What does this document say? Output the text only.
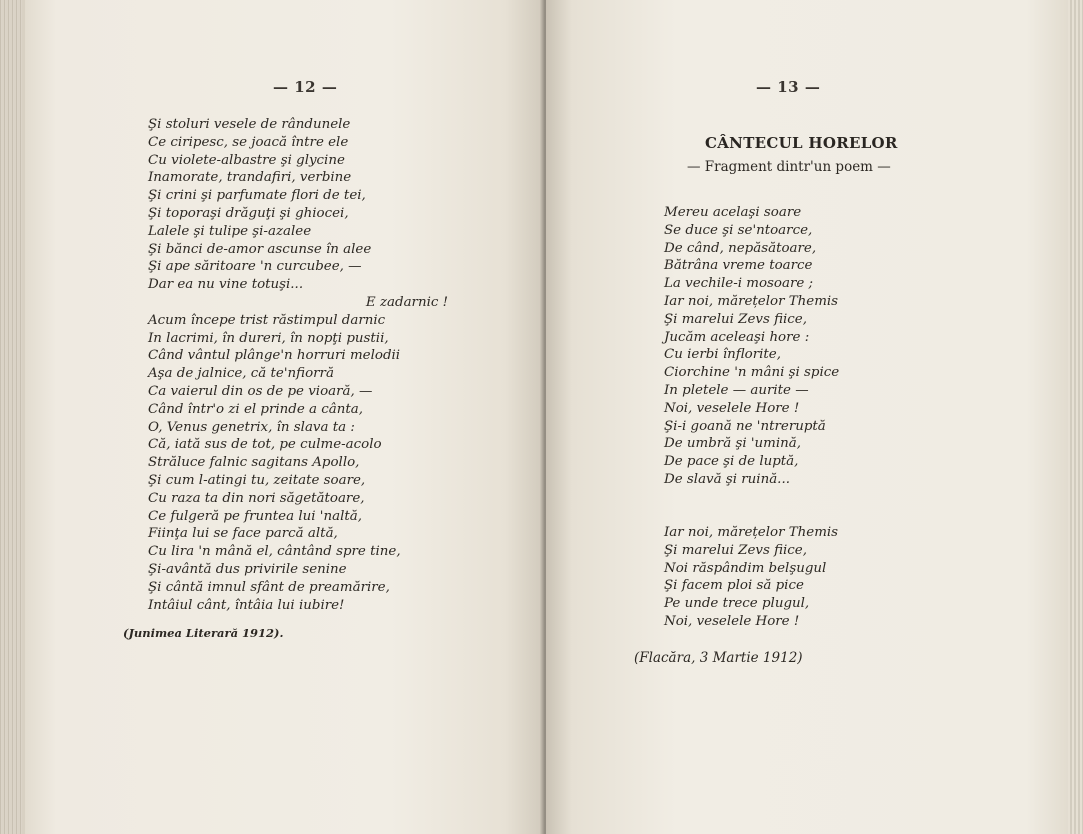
— 12 —
Şi stoluri vesele de rândunele
Ce ciripesc, se joacă între ele
Cu violete-albastre şi glycine
Inamorate, trandafiri, verbine
Şi crini şi parfumate flori de tei,
Şi toporaşi drăguţi şi ghiocei,
Lalele şi tulipe şi-azalee
Şi bănci de-amor ascunse în alee
Şi ape săritoare 'n curcubee, —
Dar ea nu vine totuşi...
E zadarnic !
Acum începe trist răstimpul darnic
In lacrimi, în dureri, în nopţi pustii,
Când vântul plânge'n horruri melodii
Aşa de jalnice, că te'nfiorră
Ca vaierul din os de pe vioară, —
Când într'o zi el prinde a cânta,
O, Venus genetrix, în slava ta :
Că, iată sus de tot, pe culme-acolo
Străluce falnic sagitans Apollo,
Şi cum l-atingi tu, zeitate soare,
Cu raza ta din nori săgetătoare,
Ce fulgeră pe fruntea lui 'naltă,
Fiinţa lui se face parcă altă,
Cu lira 'n mână el, cântând spre tine,
Şi-avântă dus privirile senine
Şi cântă imnul sfânt de preamărire,
Intâiul cânt, întâia lui iubire!
(Junimea Literară 1912).
— 13 —
CÂNTECUL HORELOR
— Fragment dintr'un poem —
Mereu acelaşi soare
Se duce şi se'ntoarce,
De când, nepăsătoare,
Bătrâna vreme toarce
La vechile-i mosoare ;
Iar noi, mărețelor Themis
Şi marelui Zevs fiice,
Jucăm aceleaşi hore :
Cu ierbi înflorite,
Ciorchine 'n mâni şi spice
In pletele — aurite —
Noi, veselele Hore !
Şi-i goană ne 'ntreruptă
De umbră şi 'umină,
De pace şi de luptă,
De slavă şi ruină...
Iar noi, mărețelor Themis
Şi marelui Zevs fiice,
Noi răspândim belşugul
Şi facem ploi să pice
Pe unde trece plugul,
Noi, veselele Hore !
(Flacăra, 3 Martie 1912)
